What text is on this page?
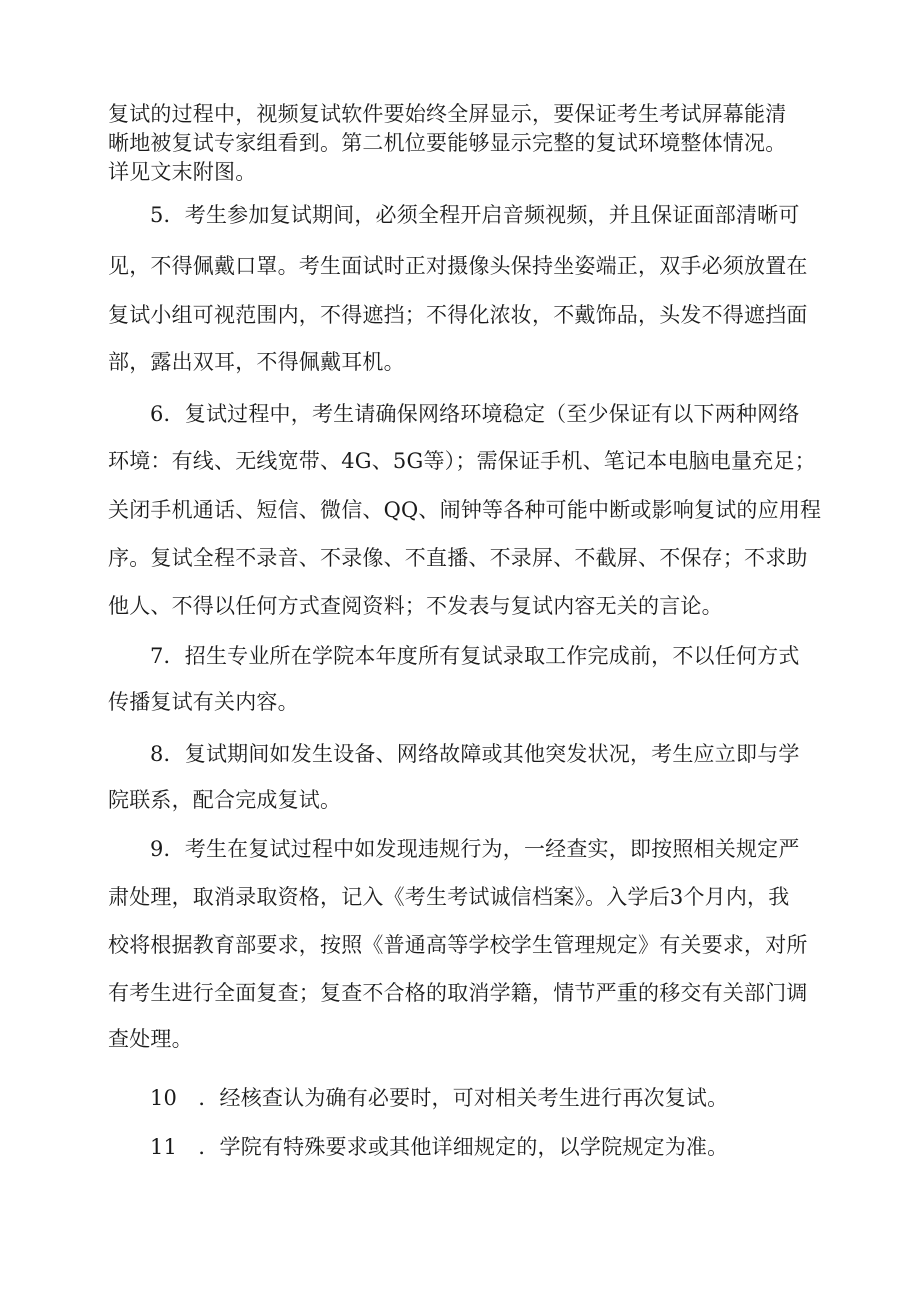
复试的过程中，视频复试软件要始终全屏显示，要保证考生考试屏幕能清
晰地被复试专家组看到。第二机位要能够显示完整的复试环境整体情况。
详见文末附图。
5．考生参加复试期间，必须全程开启音频视频，并且保证面部清晰可
见，不得佩戴口罩。考生面试时正对摄像头保持坐姿端正，双手必须放置在
复试小组可视范围内，不得遮挡；不得化浓妆，不戴饰品，头发不得遮挡面
部，露出双耳，不得佩戴耳机。
6．复试过程中，考生请确保网络环境稳定（至少保证有以下两种网络
环境：有线、无线宽带、4G、5G等）；需保证手机、笔记本电脑电量充足；
关闭手机通话、短信、微信、QQ、闹钟等各种可能中断或影响复试的应用程
序。复试全程不录音、不录像、不直播、不录屏、不截屏、不保存；不求助
他人、不得以任何方式查阅资料；不发表与复试内容无关的言论。
7．招生专业所在学院本年度所有复试录取工作完成前，不以任何方式
传播复试有关内容。
8．复试期间如发生设备、网络故障或其他突发状况，考生应立即与学
院联系，配合完成复试。
9．考生在复试过程中如发现违规行为，一经查实，即按照相关规定严
肃处理，取消录取资格，记入《考生考试诚信档案》。入学后3个月内，我
校将根据教育部要求，按照《普通高等学校学生管理规定》有关要求，对所
有考生进行全面复查；复查不合格的取消学籍，情节严重的移交有关部门调
查处理。
10　．经核查认为确有必要时，可对相关考生进行再次复试。
11　．学院有特殊要求或其他详细规定的，以学院规定为准。
